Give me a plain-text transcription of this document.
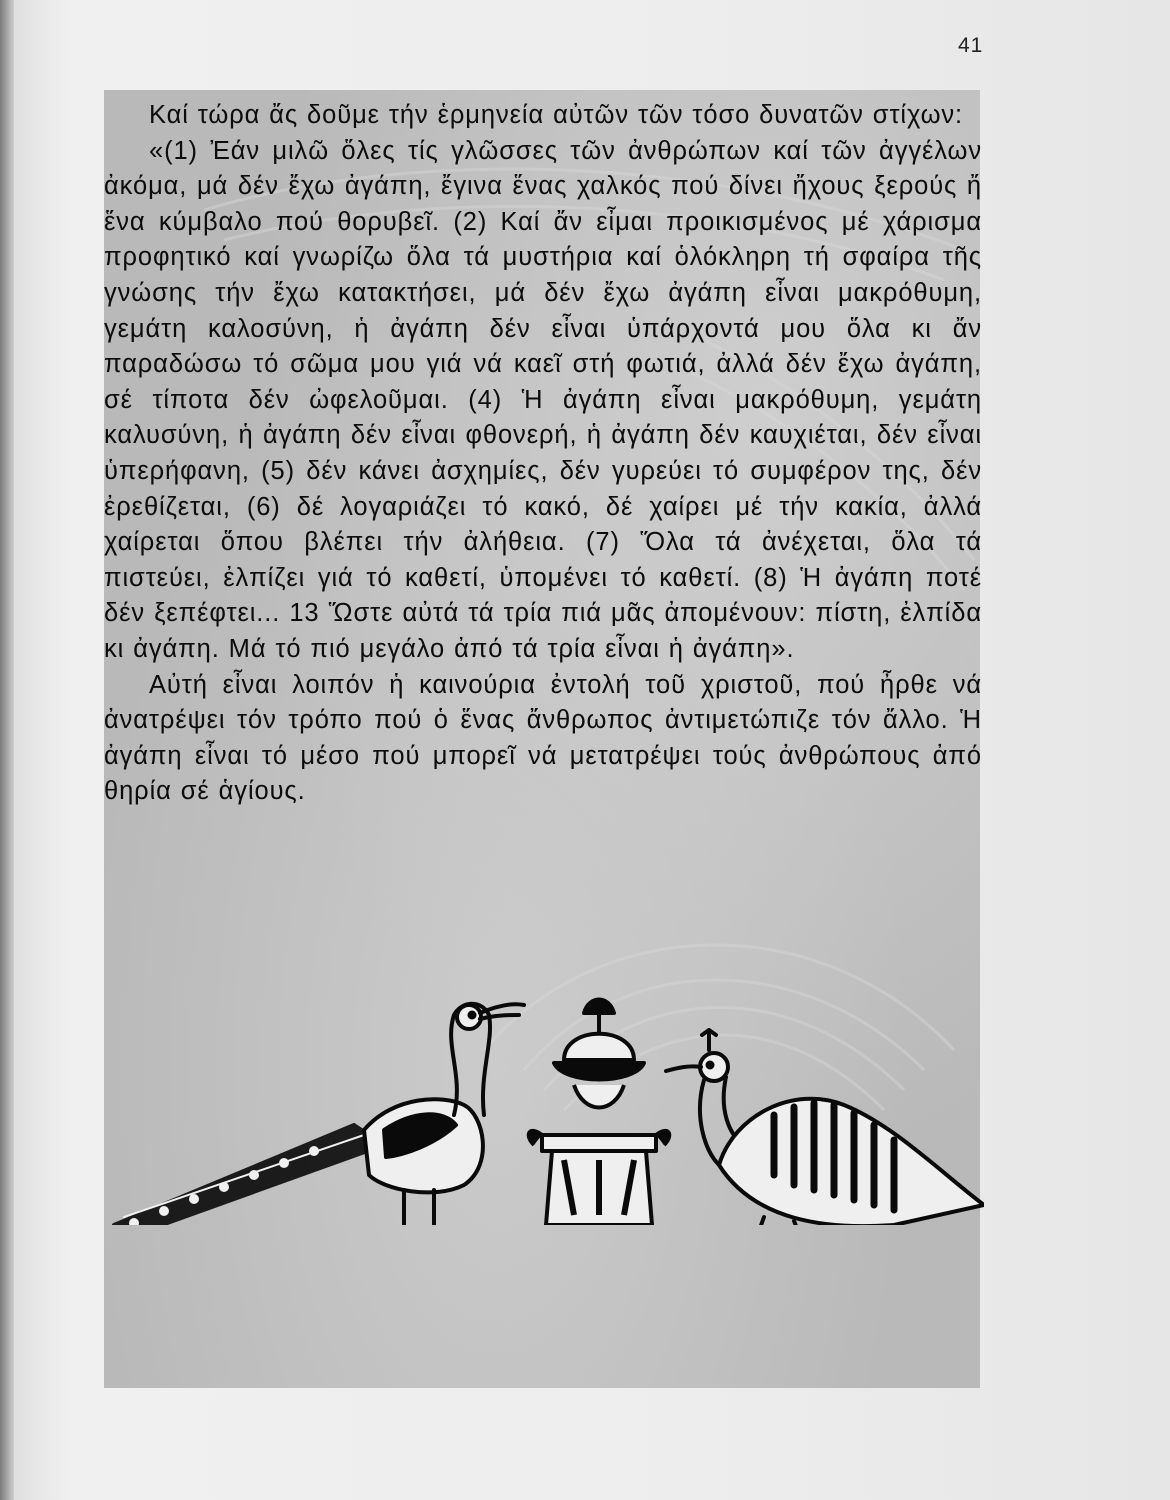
41

Καί τώρα ἄς δοῦμε τήν ἑρμηνεία αὐτῶν τῶν τόσο δυνατῶν στίχων:

«(1) Ἐάν μιλῶ ὅλες τίς γλῶσσες τῶν ἀνθρώπων καί τῶν ἀγγέλων ἀκόμα, μά δέν ἔχω ἀγάπη, ἔγινα ἕνας χαλκός πού δίνει ἤχους ξερούς ἤ ἕνα κύμβαλο πού θορυβεῖ. (2) Καί ἄν εἶμαι προικισμένος μέ χάρισμα προφητικό καί γνωρίζω ὅλα τά μυστήρια καί ὁλόκληρη τή σφαίρα τῆς γνώσης τήν ἔχω κατακτήσει, μά δέν ἔχω ἀγάπη εἶναι μακρόθυμη, γεμάτη καλοσύνη, ἡ ἀγάπη δέν εἶναι ὑπάρχοντά μου ὅλα κι ἄν παραδώσω τό σῶμα μου γιά νά καεῖ στή φωτιά, ἀλλά δέν ἔχω ἀγάπη, σέ τίποτα δέν ὠφελοῦμαι. (4) Ἡ ἀγάπη εἶναι μακρόθυμη, γεμάτη καλυσύνη, ἡ ἀγάπη δέν εἶναι φθονερή, ἡ ἀγάπη δέν καυχιέται, δέν εἶναι ὑπερήφανη, (5) δέν κάνει ἀσχημίες, δέν γυρεύει τό συμφέρον της, δέν ἐρεθίζεται, (6) δέ λογαριάζει τό κακό, δέ χαίρει μέ τήν κακία, ἀλλά χαίρεται ὅπου βλέπει τήν ἀλήθεια. (7) Ὅλα τά ἀνέχεται, ὅλα τά πιστεύει, ἐλπίζει γιά τό καθετί, ὑπομένει τό καθετί. (8) Ἡ ἀγάπη ποτέ δέν ξεπέφτει... 13 Ὥστε αὐτά τά τρία πιά μᾶς ἀπομένουν: πίστη, ἐλπίδα κι ἀγάπη. Μά τό πιό μεγάλο ἀπό τά τρία εἶναι ἡ ἀγάπη».

Αὐτή εἶναι λοιπόν ἡ καινούρια ἐντολή τοῦ χριστοῦ, πού ἦρθε νά ἀνατρέψει τόν τρόπο πού ὁ ἕνας ἄνθρωπος ἀντιμετώπιζε τόν ἄλλο. Ἡ ἀγάπη εἶναι τό μέσο πού μπορεῖ νά μετατρέψει τούς ἀνθρώπους ἀπό θηρία σέ ἁγίους.
